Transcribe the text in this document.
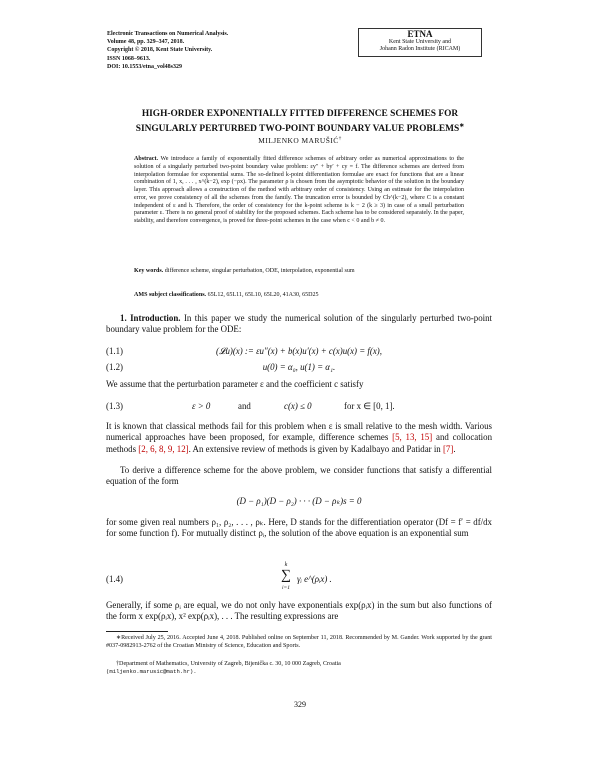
Electronic Transactions on Numerical Analysis.
Volume 48, pp. 329–347, 2018.
Copyright © 2018, Kent State University.
ISSN 1068–9613.
DOI: 10.1553/etna_vol48s329
ETNA
Kent State University and
Johann Radon Institute (RICAM)
HIGH-ORDER EXPONENTIALLY FITTED DIFFERENCE SCHEMES FOR
SINGULARLY PERTURBED TWO-POINT BOUNDARY VALUE PROBLEMS∗
MILJENKO MARUŠIĆ†
Abstract. We introduce a family of exponentially fitted difference schemes of arbitrary order as numerical approximations to the solution of a singularly perturbed two-point boundary value problem: εy″ + by′ + cy = f. The difference schemes are derived from interpolation formulae for exponential sums. The so-defined k-point differentiation formulae are exact for functions that are a linear combination of 1, x, . . . , x^(k−2), exp (−ρx). The parameter ρ is chosen from the asymptotic behavior of the solution in the boundary layer. This approach allows a construction of the method with arbitrary order of consistency. Using an estimate for the interpolation error, we prove consistency of all the schemes from the family. The truncation error is bounded by Ch^(k−2), where C is a constant independent of ε and h. Therefore, the order of consistency for the k-point scheme is k − 2 (k ≥ 3) in case of a small perturbation parameter ε. There is no general proof of stability for the proposed schemes. Each scheme has to be considered separately. In the paper, stability, and therefore convergence, is proved for three-point schemes in the case when c < 0 and b ≠ 0.
Key words. difference scheme, singular perturbation, ODE, interpolation, exponential sum
AMS subject classifications. 65L12, 65L11, 65L10, 65L20, 41A30, 65D25
1. Introduction. In this paper we study the numerical solution of the singularly perturbed two-point boundary value problem for the ODE:
(1.1)	(𝓛u)(x) := εu″(x) + b(x)u′(x) + c(x)u(x) = f(x),
(1.2)	u(0) = α₀, u(1) = α₁.
We assume that the perturbation parameter ε and the coefficient c satisfy
(1.3)	ε > 0	and	c(x) ≤ 0	for x ∈ [0, 1].
It is known that classical methods fail for this problem when ε is small relative to the mesh width. Various numerical approaches have been proposed, for example, difference schemes [5, 13, 15] and collocation methods [2, 6, 8, 9, 12]. An extensive review of methods is given by Kadalbayo and Patidar in [7].
To derive a difference scheme for the above problem, we consider functions that satisfy a differential equation of the form
(D − ρ₁)(D − ρ₂) · · · (D − ρₖ)s = 0
for some given real numbers ρ₁, ρ₂, . . . , ρₖ. Here, D stands for the differentiation operator (Df = f′ = df/dx for some function f). For mutually distinct ρᵢ, the solution of the above equation is an exponential sum
(1.4)
k
∑
i=1
γᵢ e^(ρᵢx) .
Generally, if some ρᵢ are equal, we do not only have exponentials exp(ρᵢx) in the sum but also functions of the form x exp(ρᵢx), x² exp(ρᵢx), . . . The resulting expressions are
∗Received July 25, 2016. Accepted June 4, 2018. Published online on September 11, 2018. Recommended by M. Gander. Work supported by the grant #037-0982913-2762 of the Croatian Ministry of Science, Education and Sports.
†Department of Mathematics, University of Zagreb, Bijenička c. 30, 10 000 Zagreb, Croatia
(miljenko.marusic@math.hr).
329
